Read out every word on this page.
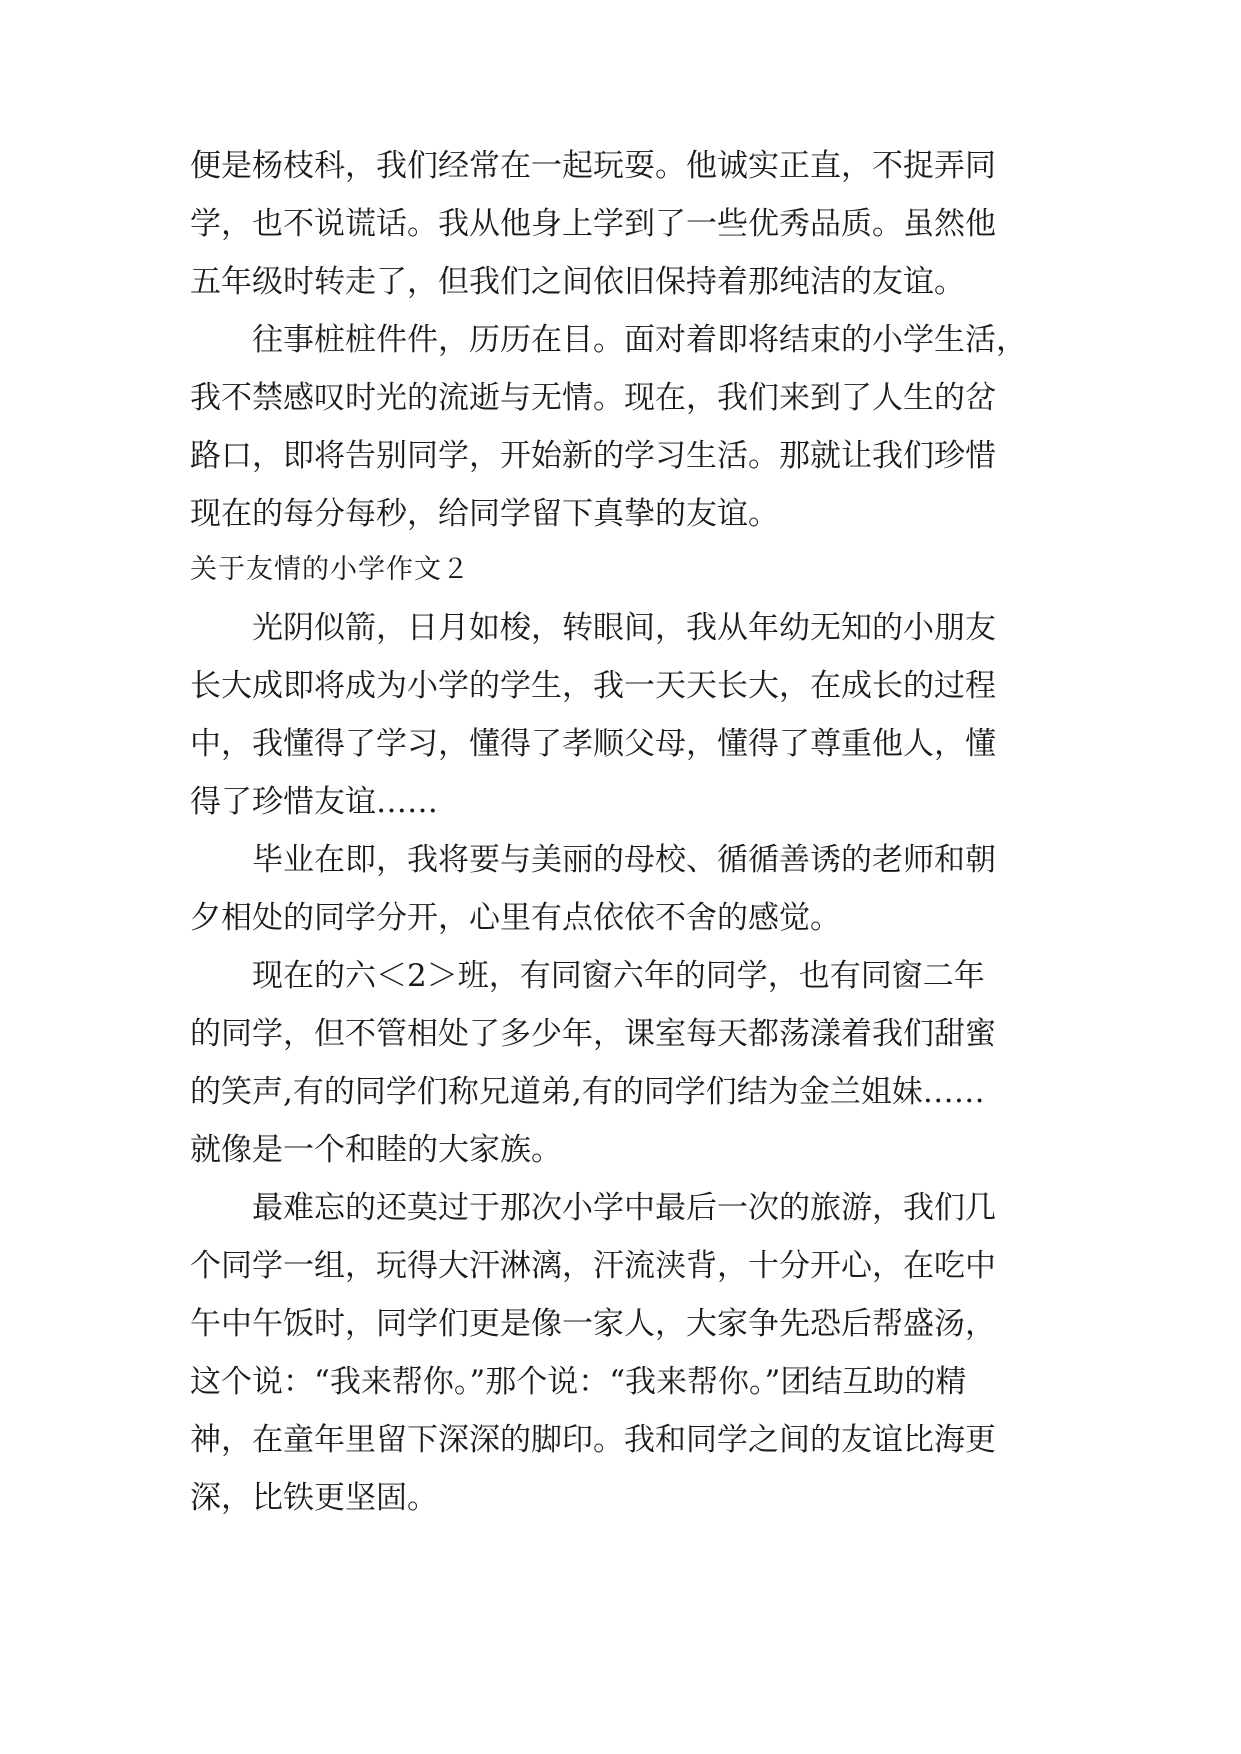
便是杨枝科，我们经常在一起玩耍。他诚实正直，不捉弄同
学，也不说谎话。我从他身上学到了一些优秀品质。虽然他
五年级时转走了，但我们之间依旧保持着那纯洁的友谊。
往事桩桩件件，历历在目。面对着即将结束的小学生活，
我不禁感叹时光的流逝与无情。现在，我们来到了人生的岔
路口，即将告别同学，开始新的学习生活。那就让我们珍惜
现在的每分每秒，给同学留下真挚的友谊。
关于友情的小学作文２
光阴似箭，日月如梭，转眼间，我从年幼无知的小朋友
长大成即将成为小学的学生，我一天天长大，在成长的过程
中，我懂得了学习，懂得了孝顺父母，懂得了尊重他人，懂
得了珍惜友谊……
毕业在即，我将要与美丽的母校、循循善诱的老师和朝
夕相处的同学分开，心里有点依依不舍的感觉。
现在的六＜2＞班，有同窗六年的同学，也有同窗二年
的同学，但不管相处了多少年，课室每天都荡漾着我们甜蜜
的笑声,有的同学们称兄道弟,有的同学们结为金兰姐妹……
就像是一个和睦的大家族。
最难忘的还莫过于那次小学中最后一次的旅游，我们几
个同学一组，玩得大汗淋漓，汗流浃背，十分开心，在吃中
午中午饭时，同学们更是像一家人，大家争先恐后帮盛汤，
这个说：“我来帮你。”那个说：“我来帮你。”团结互助的精
神，在童年里留下深深的脚印。我和同学之间的友谊比海更
深，比铁更坚固。
